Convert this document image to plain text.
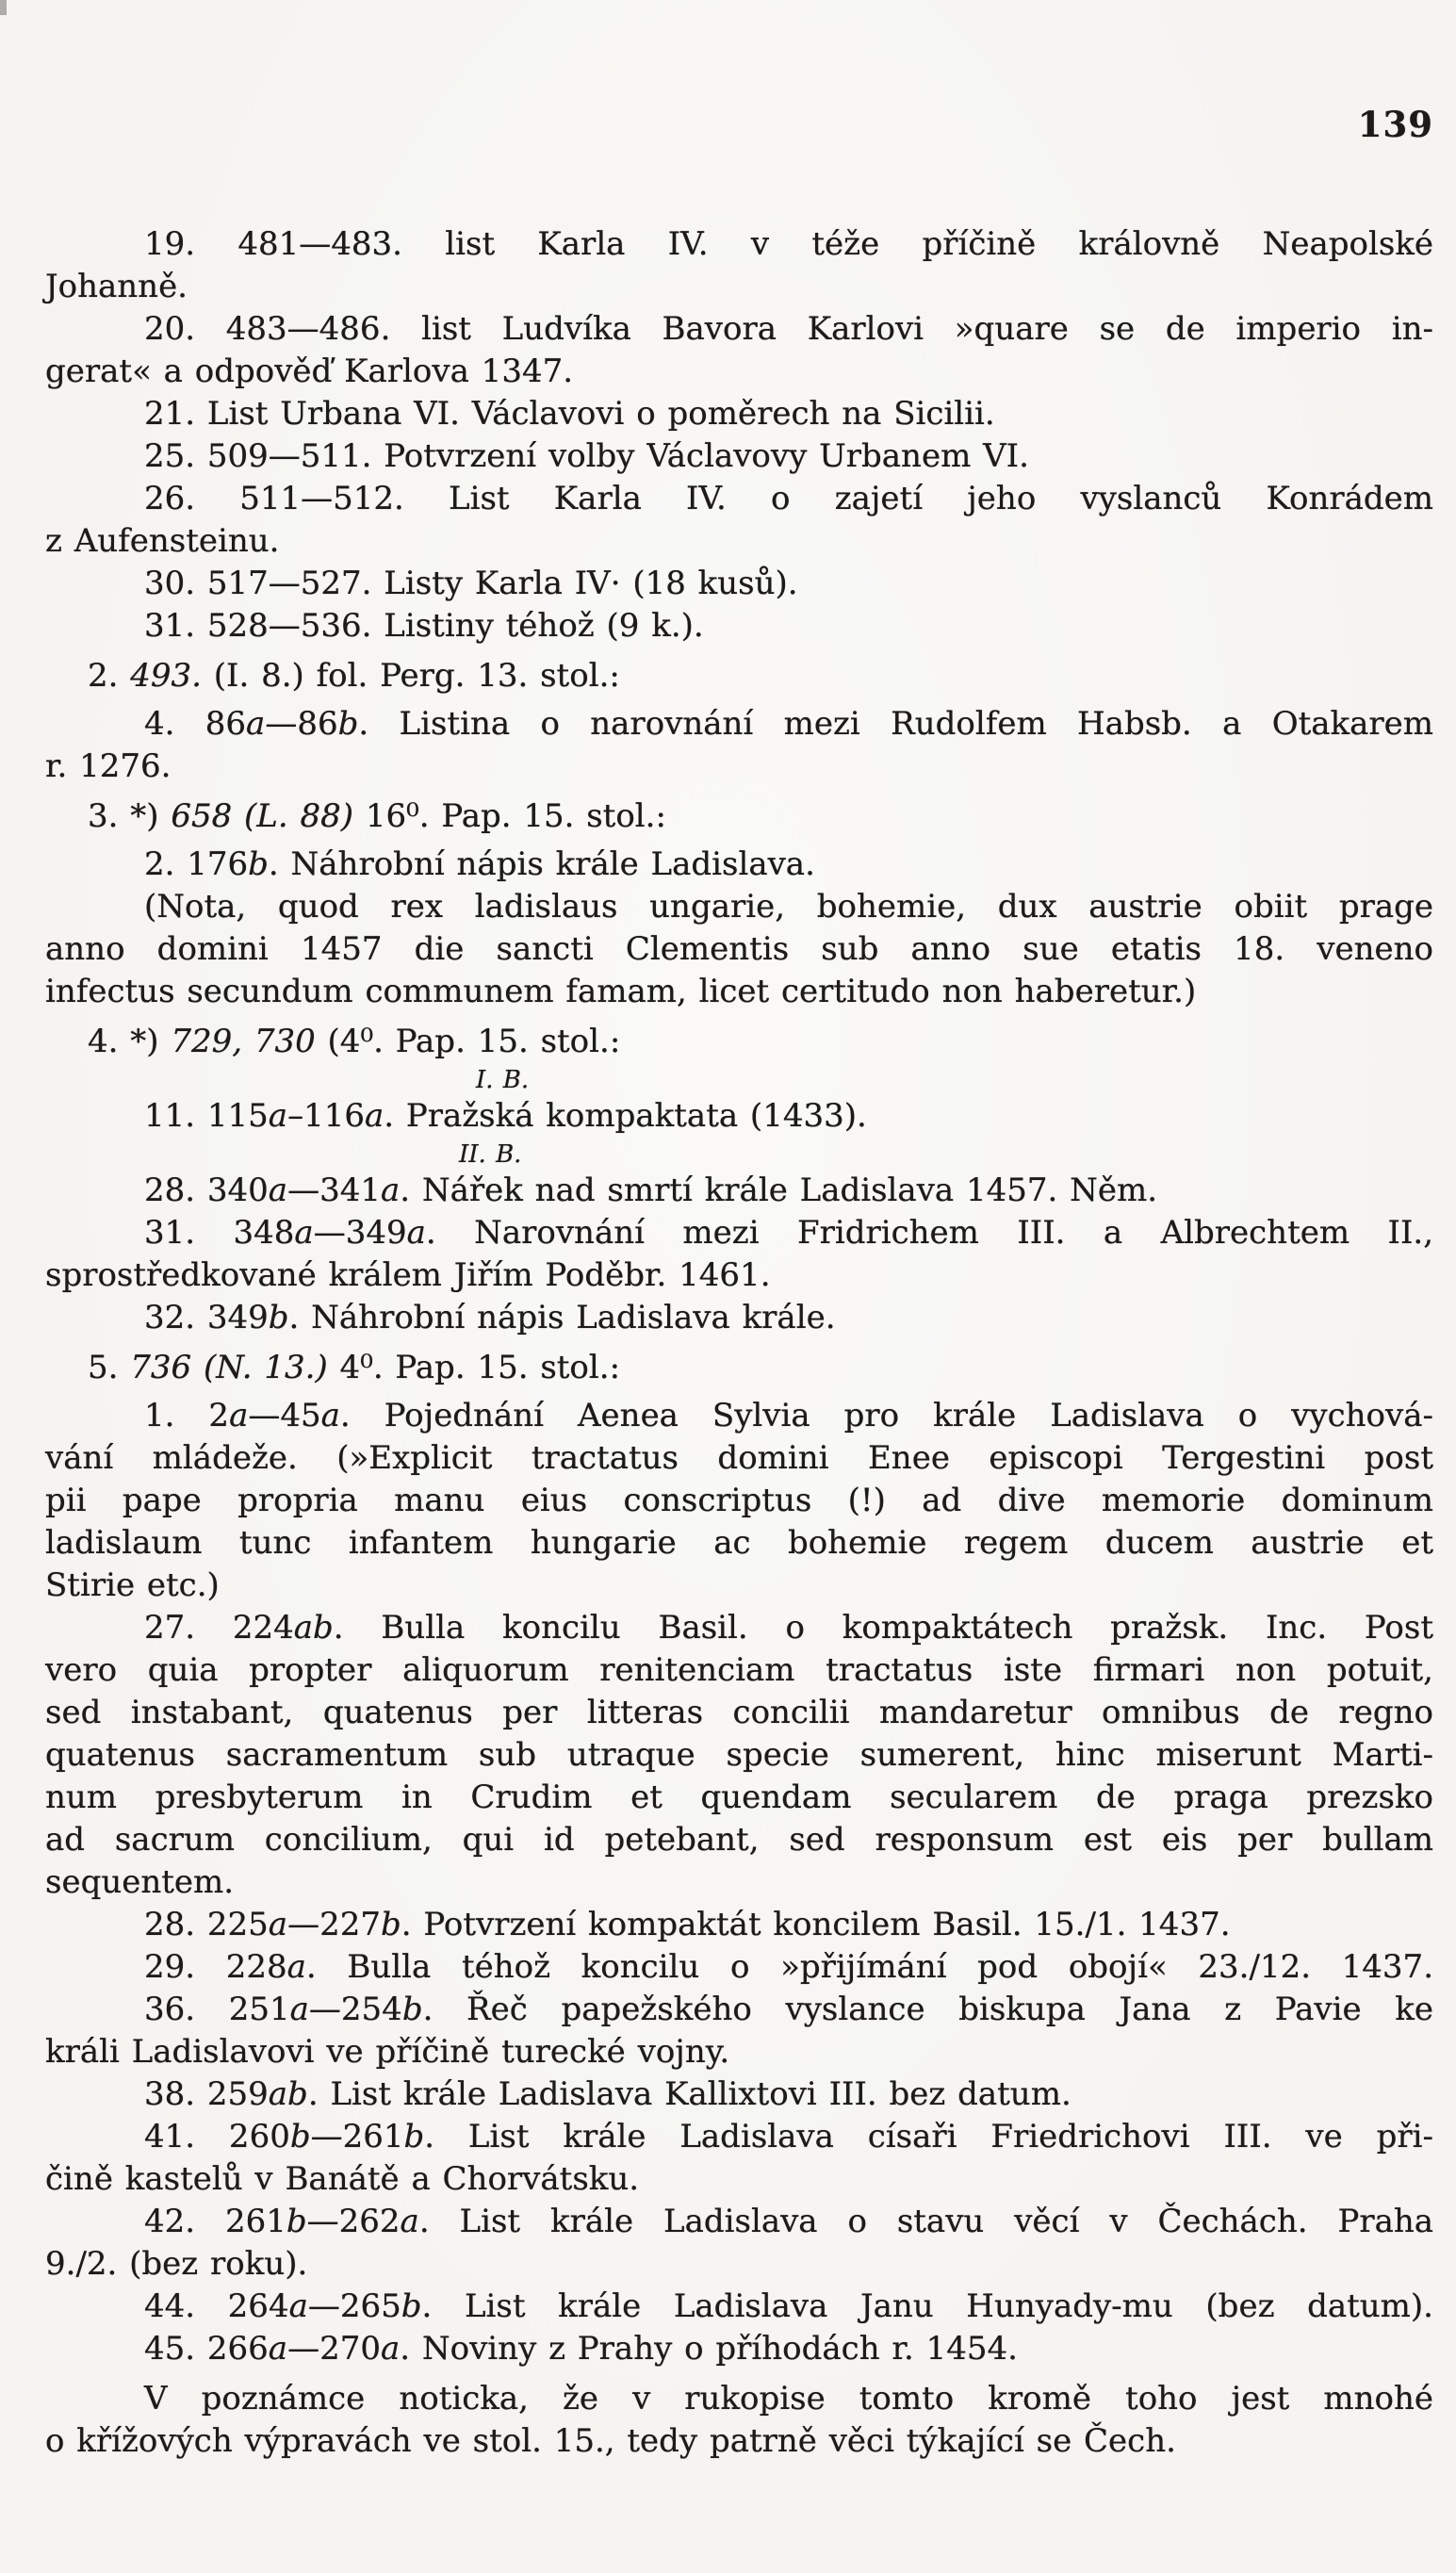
139
19. 481—483. list Karla IV. v téže příčině královně Neapolské
Johanně.
20. 483—486. list Ludvíka Bavora Karlovi »quare se de imperio in-
gerat« a odpověď Karlova 1347.
21. List Urbana VI. Václavovi o poměrech na Sicilii.
25. 509—511. Potvrzení volby Václavovy Urbanem VI.
26. 511—512. List Karla IV. o zajetí jeho vyslanců Konrádem
z Aufensteinu.
30. 517—527. Listy Karla IV· (18 kusů).
31. 528—536. Listiny téhož (9 k.).
2. 493. (I. 8.) fol. Perg. 13. stol.:
4. 86a—86b. Listina o narovnání mezi Rudolfem Habsb. a Otakarem
r. 1276.
3. *) 658 (L. 88) 16⁰. Pap. 15. stol.:
2. 176b. Náhrobní nápis krále Ladislava.
(Nota, quod rex ladislaus ungarie, bohemie, dux austrie obiit prage
anno domini 1457 die sancti Clementis sub anno sue etatis 18. veneno
infectus secundum communem famam, licet certitudo non haberetur.)
4. *) 729, 730 (4⁰. Pap. 15. stol.:
I. B.
11. 115a–116a. Pražská kompaktata (1433).
II. B.
28. 340a—341a. Nářek nad smrtí krále Ladislava 1457. Něm.
31. 348a—349a. Narovnání mezi Fridrichem III. a Albrechtem II.,
sprostředkované králem Jiřím Poděbr. 1461.
32. 349b. Náhrobní nápis Ladislava krále.
5. 736 (N. 13.) 4⁰. Pap. 15. stol.:
1. 2a—45a. Pojednání Aenea Sylvia pro krále Ladislava o vychová-
vání mládeže. (»Explicit tractatus domini Enee episcopi Tergestini post
pii pape propria manu eius conscriptus (!) ad dive memorie dominum
ladislaum tunc infantem hungarie ac bohemie regem ducem austrie et
Stirie etc.)
27. 224ab. Bulla koncilu Basil. o kompaktátech pražsk. Inc. Post
vero quia propter aliquorum renitenciam tractatus iste firmari non potuit,
sed instabant, quatenus per litteras concilii mandaretur omnibus de regno
quatenus sacramentum sub utraque specie sumerent, hinc miserunt Marti-
num presbyterum in Crudim et quendam secularem de praga prezsko
ad sacrum concilium, qui id petebant, sed responsum est eis per bullam
sequentem.
28. 225a—227b. Potvrzení kompaktát koncilem Basil. 15./1. 1437.
29. 228a. Bulla téhož koncilu o »přijímání pod obojí« 23./12. 1437.
36. 251a—254b. Řeč papežského vyslance biskupa Jana z Pavie ke
králi Ladislavovi ve příčině turecké vojny.
38. 259ab. List krále Ladislava Kallixtovi III. bez datum.
41. 260b—261b. List krále Ladislava císaři Friedrichovi III. ve při-
čině kastelů v Banátě a Chorvátsku.
42. 261b—262a. List krále Ladislava o stavu věcí v Čechách. Praha
9./2. (bez roku).
44. 264a—265b. List krále Ladislava Janu Hunyady-mu (bez datum).
45. 266a—270a. Noviny z Prahy o příhodách r. 1454.
V poznámce noticka, že v rukopise tomto kromě toho jest mnohé
o křížových výpravách ve stol. 15., tedy patrně věci týkající se Čech.
